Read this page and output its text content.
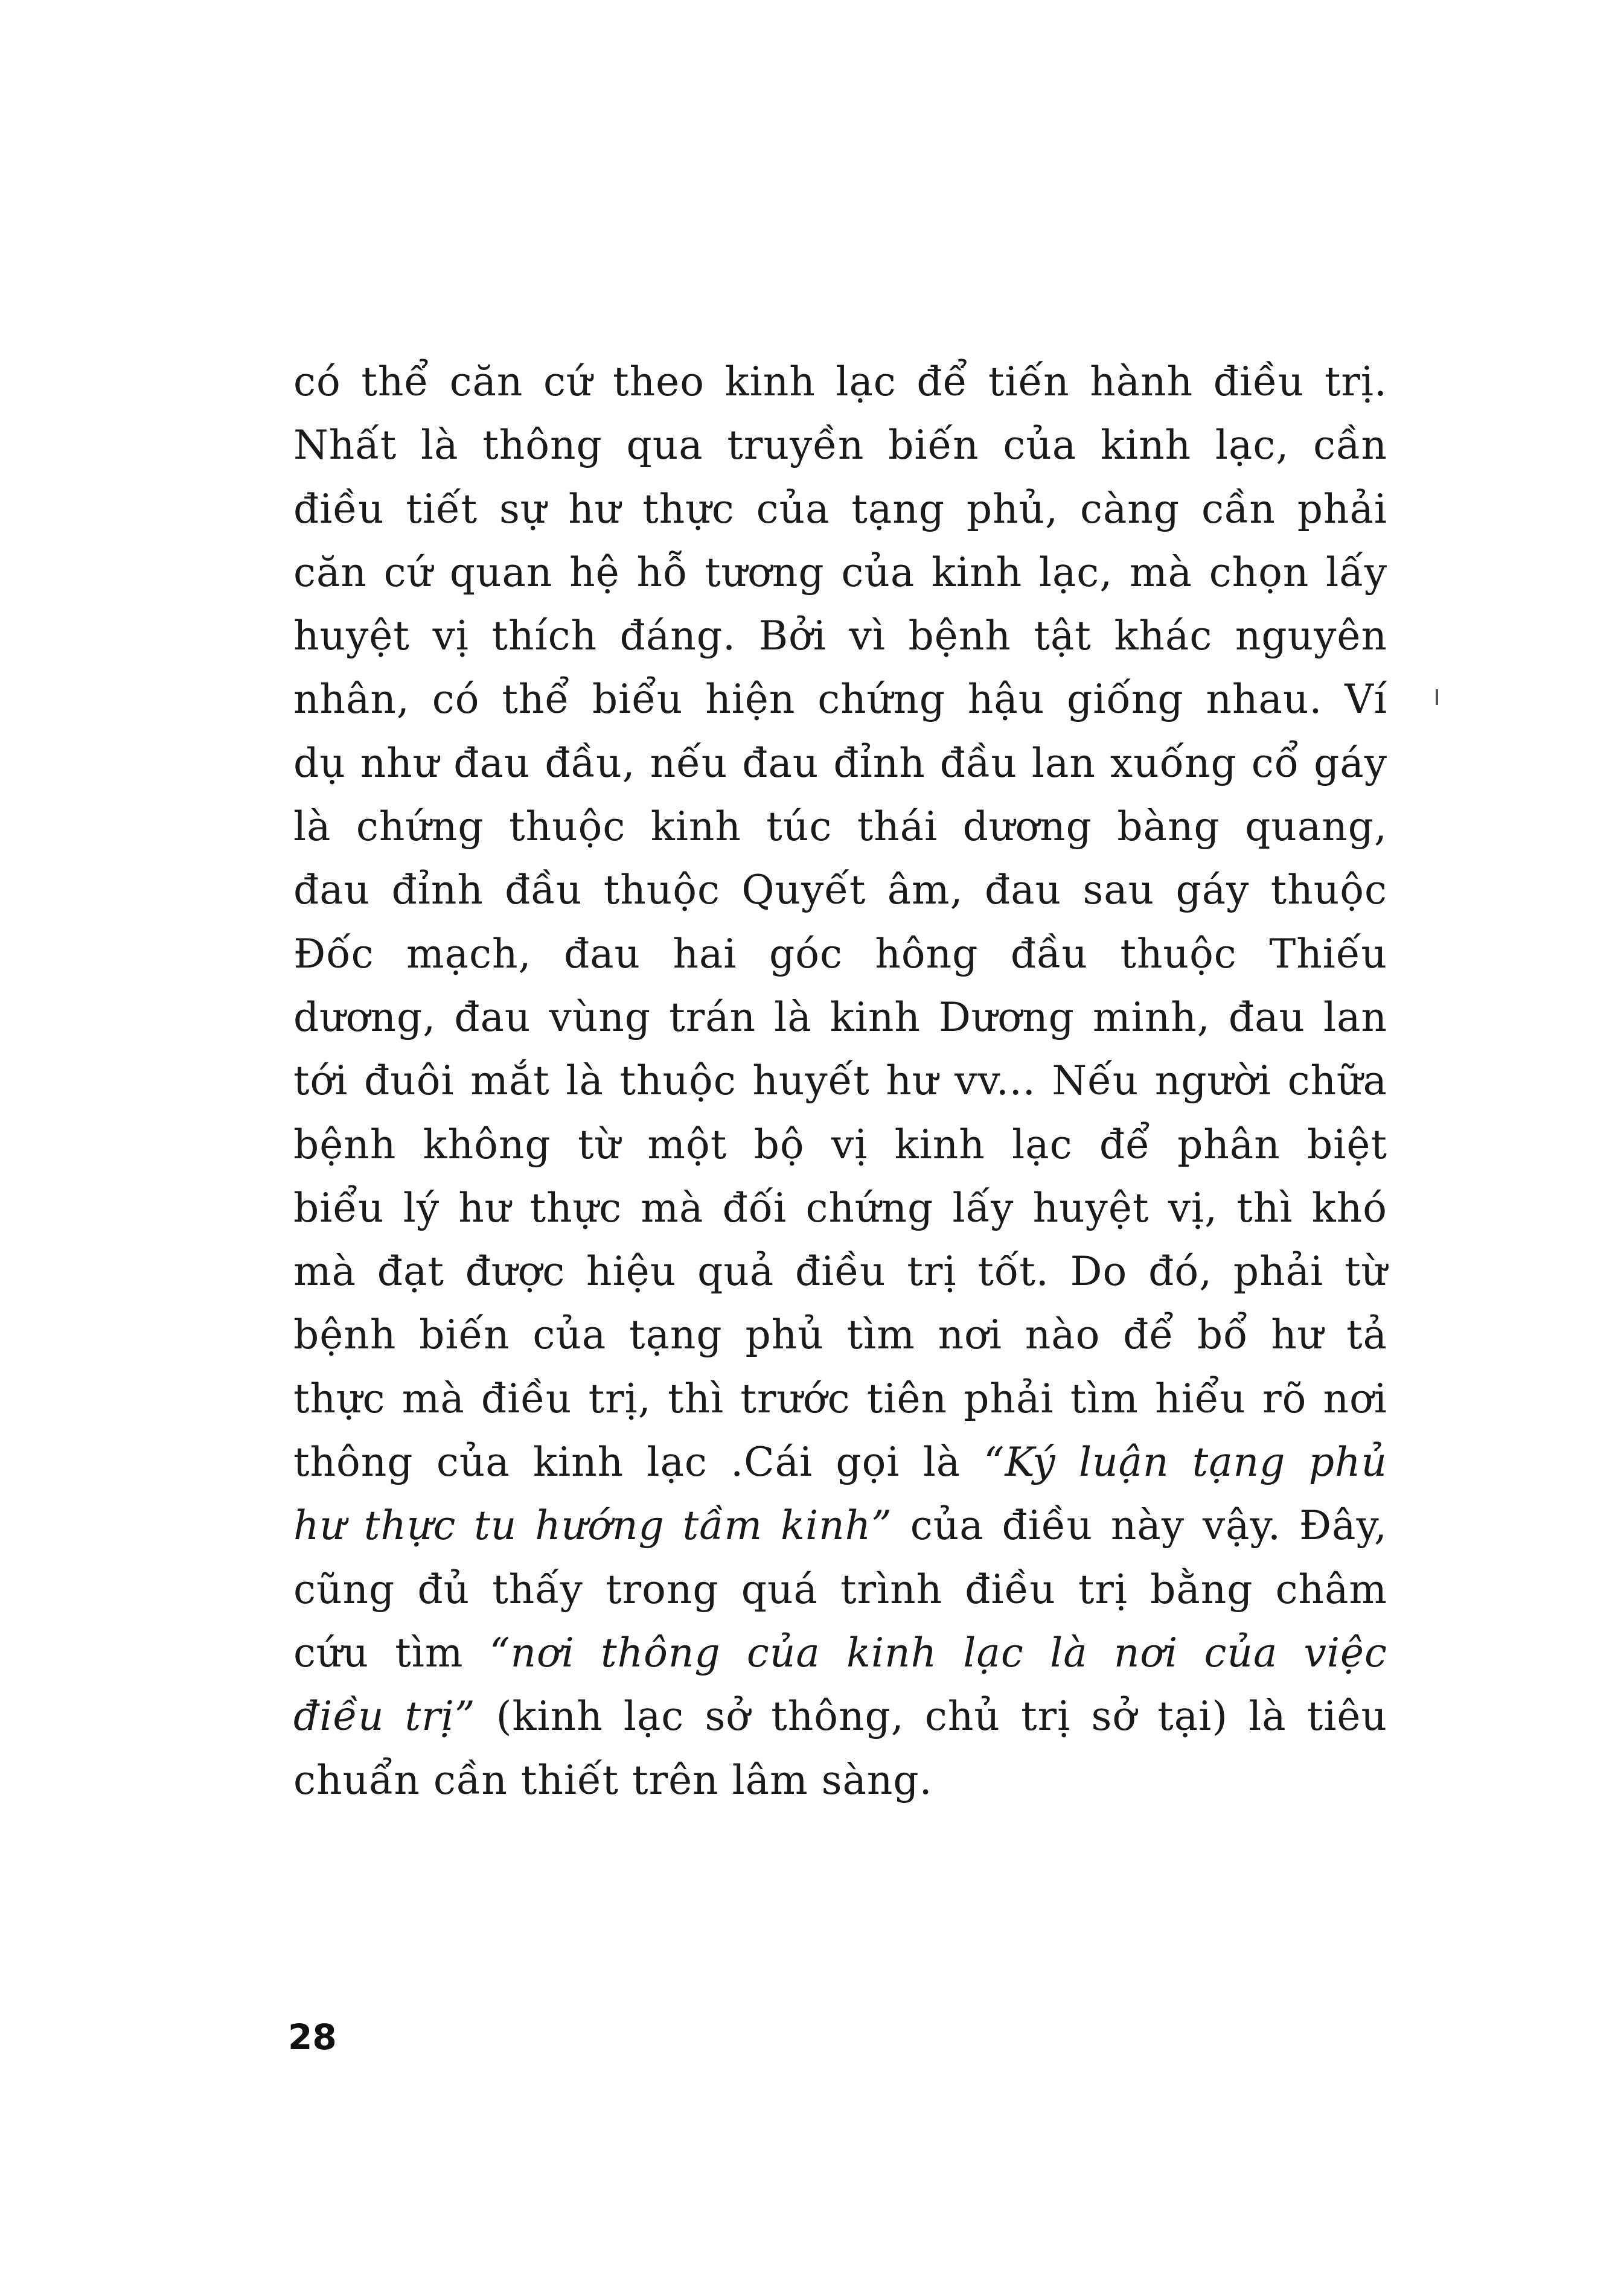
có thể căn cứ theo kinh lạc để tiến hành điều trị.
Nhất là thông qua truyền biến của kinh lạc, cần
điều tiết sự hư thực của tạng phủ, càng cần phải
căn cứ quan hệ hỗ tương của kinh lạc, mà chọn lấy
huyệt vị thích đáng. Bởi vì bệnh tật khác nguyên
nhân, có thể biểu hiện chứng hậu giống nhau. Ví
dụ như đau đầu, nếu đau đỉnh đầu lan xuống cổ gáy
là chứng thuộc kinh túc thái dương bàng quang,
đau đỉnh đầu thuộc Quyết âm, đau sau gáy thuộc
Đốc mạch, đau hai góc hông đầu thuộc Thiếu
dương, đau vùng trán là kinh Dương minh, đau lan
tới đuôi mắt là thuộc huyết hư vv... Nếu người chữa
bệnh không từ một bộ vị kinh lạc để phân biệt
biểu lý hư thực mà đối chứng lấy huyệt vị, thì khó
mà đạt được hiệu quả điều trị tốt. Do đó, phải từ
bệnh biến của tạng phủ tìm nơi nào để bổ hư tả
thực mà điều trị, thì trước tiên phải tìm hiểu rõ nơi
thông của kinh lạc .Cái gọi là “Ký luận tạng phủ
hư thực tu hướng tầm kinh” của điều này vậy. Đây,
cũng đủ thấy trong quá trình điều trị bằng châm
cứu tìm “nơi thông của kinh lạc là nơi của việc
điều trị” (kinh lạc sở thông, chủ trị sở tại) là tiêu
chuẩn cần thiết trên lâm sàng.
28
